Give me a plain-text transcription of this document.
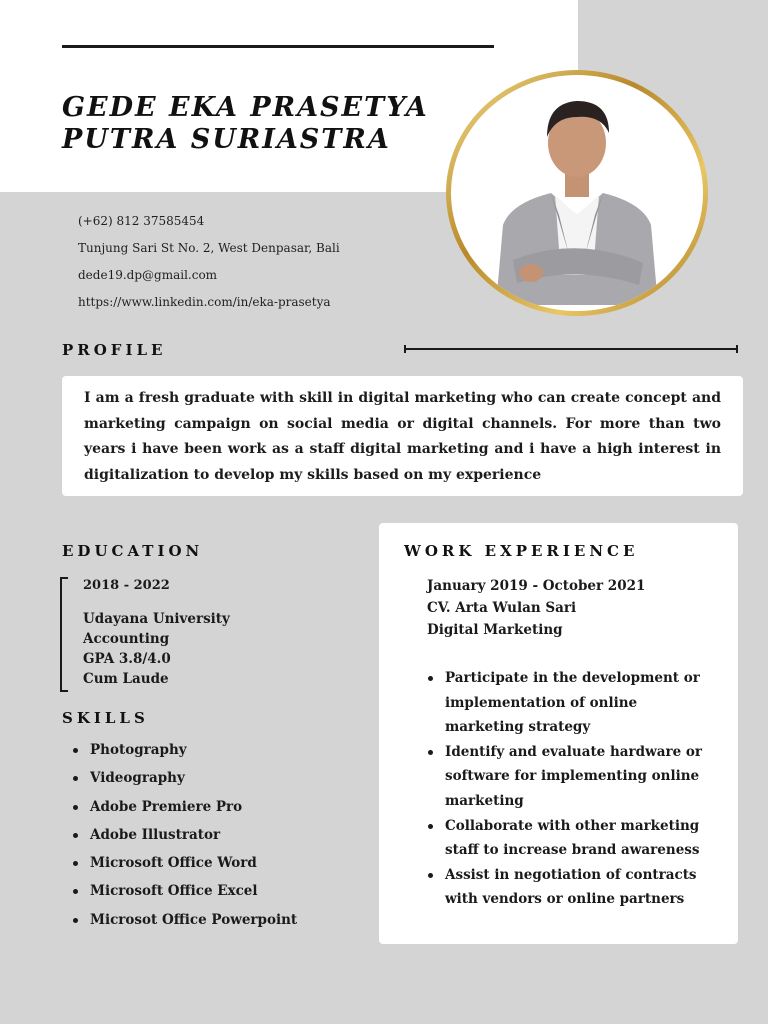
GEDE EKA PRASETYA
PUTRA SURIASTRA
(+62) 812 37585454
Tunjung Sari St No. 2, West Denpasar, Bali
dede19.dp@gmail.com
https://www.linkedin.com/in/eka-prasetya
PROFILE

I am a fresh graduate with skill in digital marketing who can create concept and marketing campaign on social media or digital channels. For more than two years i have been work as a staff digital marketing and i have a high interest in digitalization to develop my skills based on my experience

EDUCATION
2018 - 2022
Udayana University
Accounting
GPA 3.8/4.0
Cum Laude
SKILLS
Photography
Videography
Adobe Premiere Pro
Adobe Illustrator
Microsoft Office Word
Microsoft Office Excel
Microsot Office Powerpoint
WORK EXPERIENCE
January 2019 - October 2021
CV. Arta Wulan Sari
Digital Marketing
Participate in the development or implementation of online marketing strategy
Identify and evaluate hardware or software for implementing online marketing
Collaborate with other marketing staff to increase brand awareness
Assist in negotiation of contracts with vendors or online partners
